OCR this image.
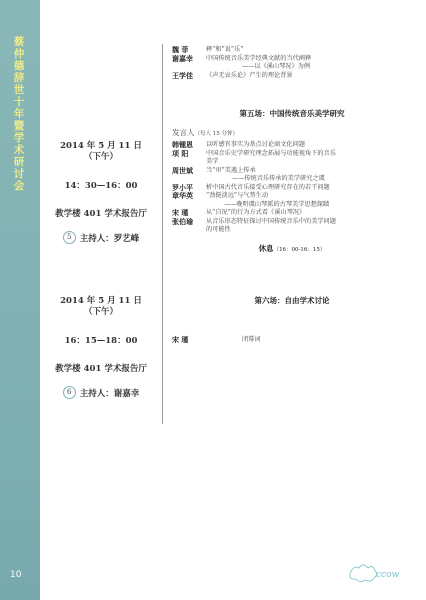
蔡仲德辞世十年暨学术研讨会
10
魏 菲	释“和”说“乐”
谢嘉幸	中国传统音乐美学经典文献的当代阐释
——以《溪山琴况》为例
王学佳	《声无哀乐论》产生的理论背景
2014 年 5 月 11 日
（下午）
14：30—16：00
教学楼 401 学术报告厅
5 主持人：罗艺峰
第五场：中国传统音乐美学研究
发言人（每人 15 分钟）
韩锺恩	以听感官事实为基点讨论商文化问题
项 阳	中国音乐史学研究理念拓展与功能视角下的音乐
美学
周世斌	当“审”美遇上传承
——传统音乐传承的美学研究之虞
罗小平	析中国古代音乐接受心理研究存在的若干问题
章华英	“劲挺淡远”与气势生动
——晚明虞山琴派的古琴美学思想探赜
宋 瑾	从“自况”的行为方式看《溪山琴况》
张伯瑜	从音乐形态特征探讨中国传统音乐中的美学问题
的可能性
休息（16：00-16：15）
2014 年 5 月 11 日
（下午）
16：15—18：00
教学楼 401 学术报告厅
6 主持人：谢嘉幸
第六场：自由学术讨论
宋 瑾	闭幕词
ccow
